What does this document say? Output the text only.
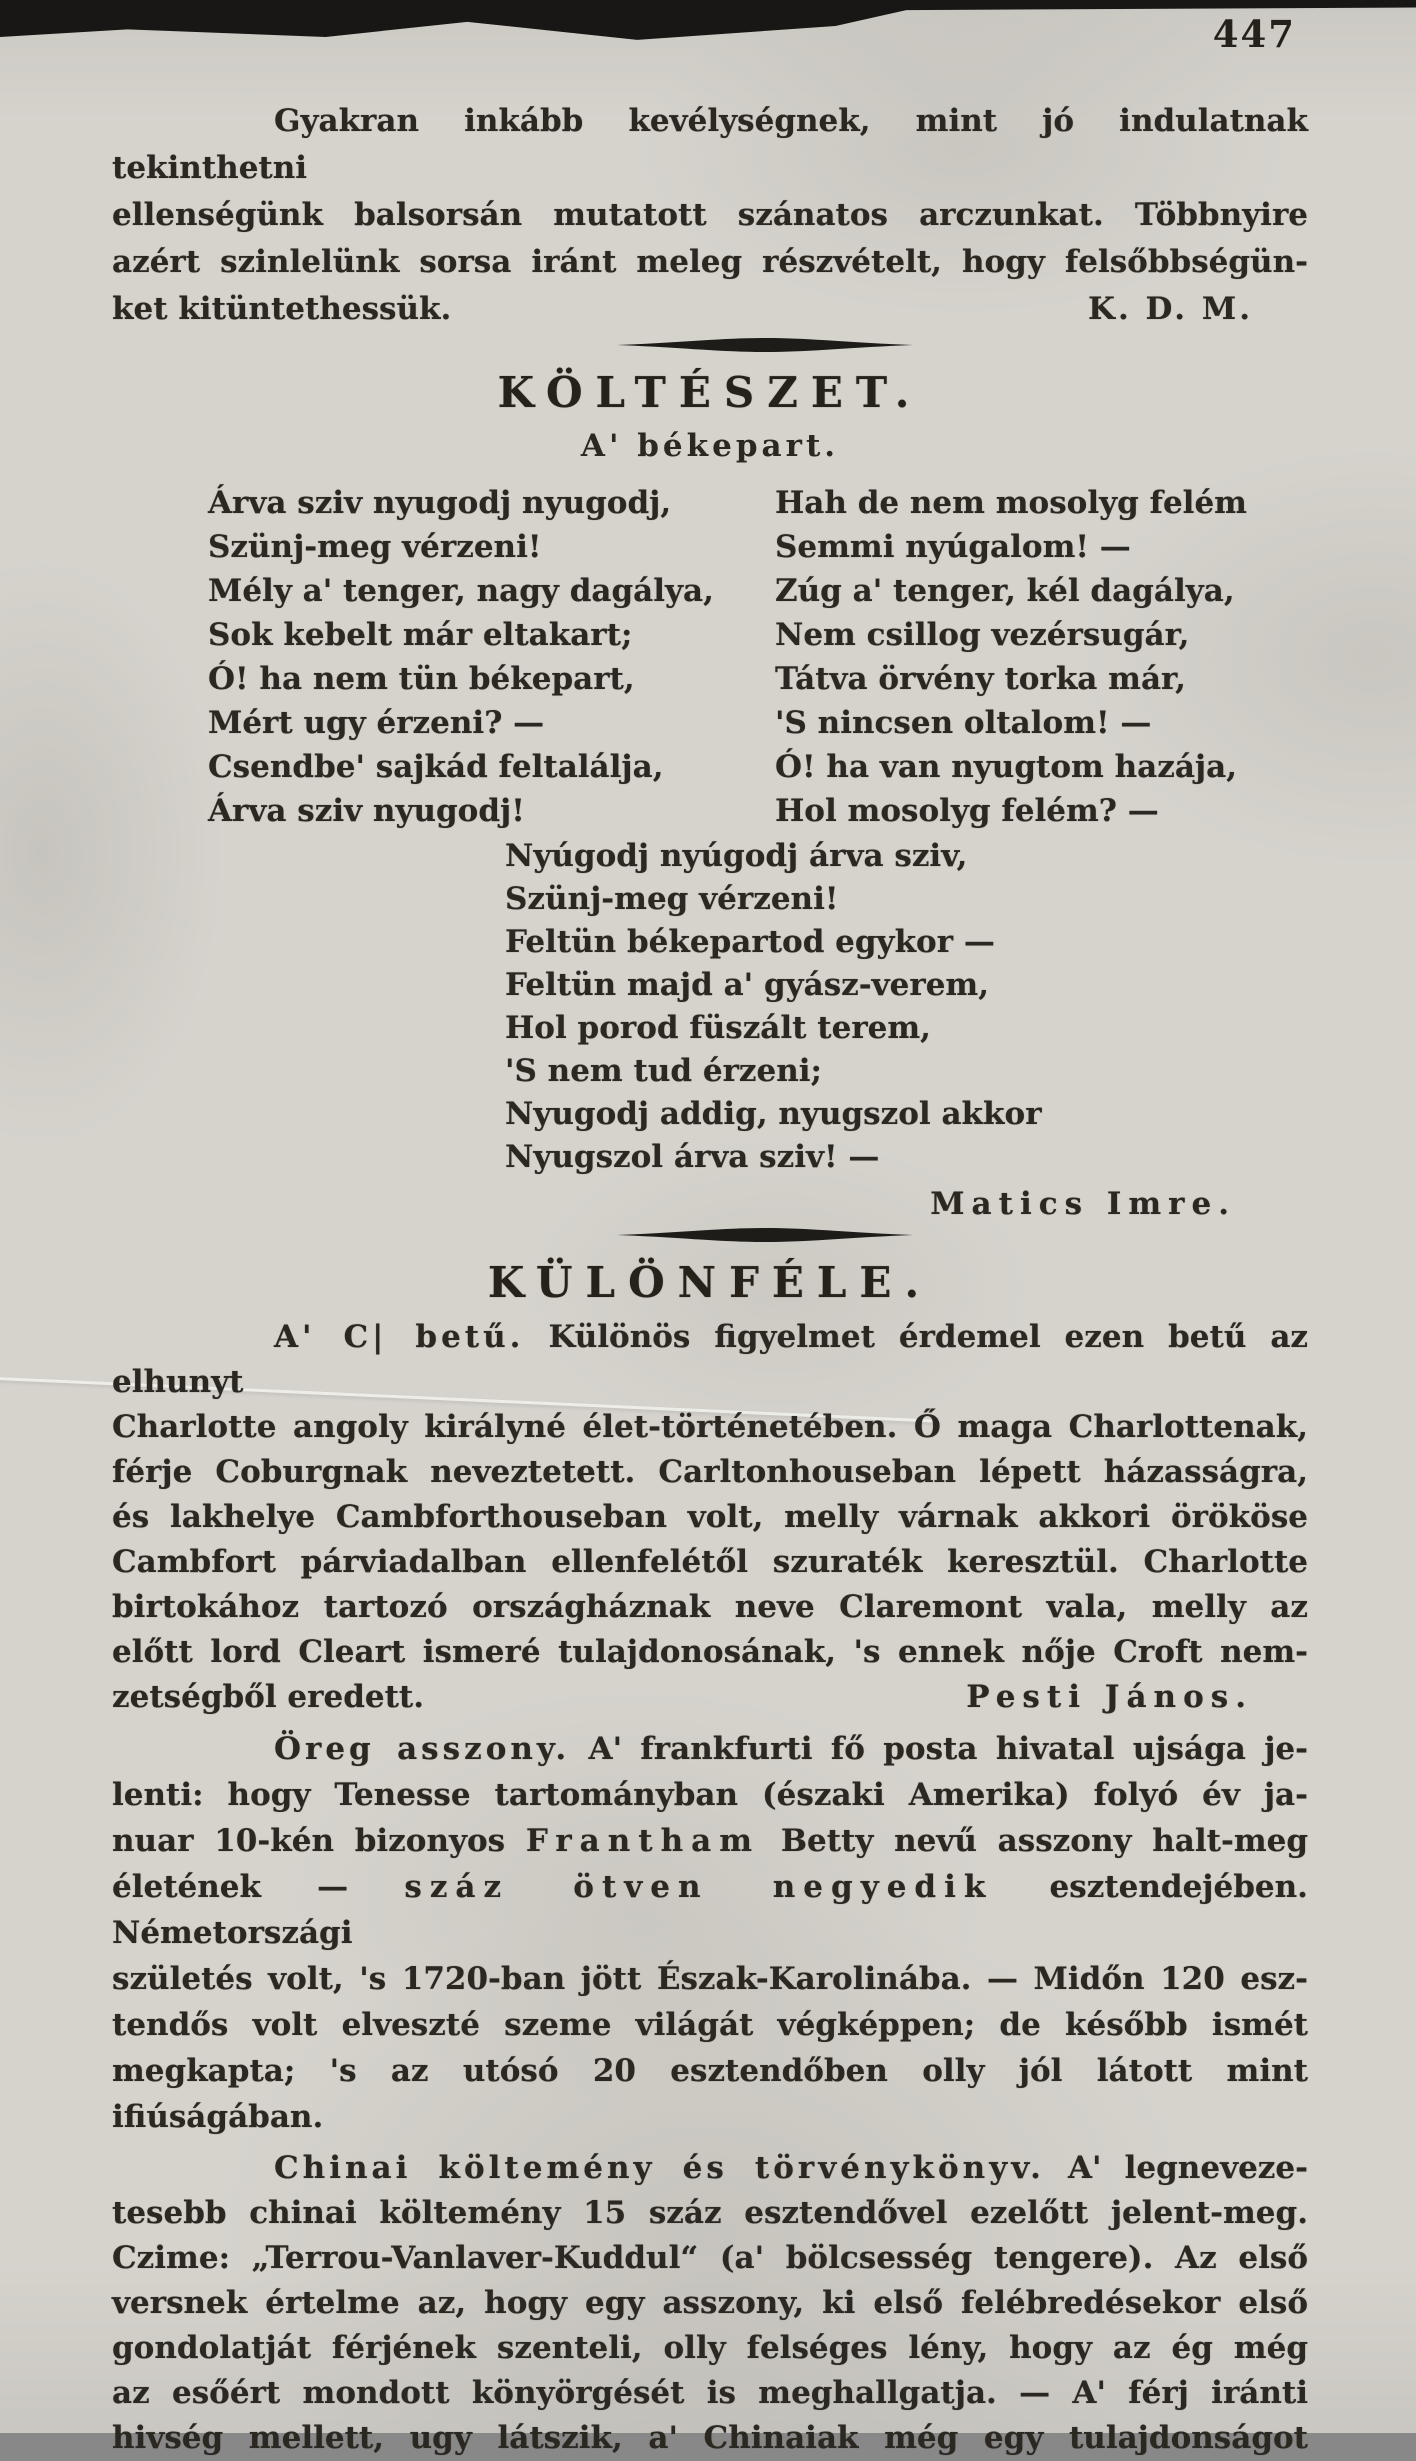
447
Gyakran inkább kevélységnek, mint jó indulatnak tekinthetni
ellenségünk balsorsán mutatott szánatos arczunkat. Többnyire
azért szinlelünk sorsa iránt meleg részvételt, hogy felsőbbségün-
ket kitüntethessük.	K. D. M.
KÖLTÉSZET.
A' békepart.
Árva sziv nyugodj nyugodj,
Szünj-meg vérzeni!
Mély a' tenger, nagy dagálya,
Sok kebelt már eltakart;
Ó! ha nem tün békepart,
Mért ugy érzeni? —
Csendbe' sajkád feltalálja,
Árva sziv nyugodj!
Hah de nem mosolyg felém
Semmi nyúgalom! —
Zúg a' tenger, kél dagálya,
Nem csillog vezérsugár,
Tátva örvény torka már,
'S nincsen oltalom! —
Ó! ha van nyugtom hazája,
Hol mosolyg felém? —
Nyúgodj nyúgodj árva sziv,
Szünj-meg vérzeni!
Feltün békepartod egykor —
Feltün majd a' gyász-verem,
Hol porod füszált terem,
'S nem tud érzeni;
Nyugodj addig, nyugszol akkor
Nyugszol árva sziv! —
Matics Imre.
KÜLÖNFÉLE.
A' C| betű. Különös figyelmet érdemel ezen betű az elhunyt
Charlotte angoly királyné élet-történetében. Ő maga Charlottenak,
férje Coburgnak neveztetett. Carltonhouseban lépett házasságra,
és lakhelye Cambforthouseban volt, melly várnak akkori örököse
Cambfort párviadalban ellenfelétől szuraték keresztül. Charlotte
birtokához tartozó országháznak neve Claremont vala, melly az
előtt lord Cleart ismeré tulajdonosának, 's ennek nője Croft nem-
zetségből eredett.	Pesti János.
Öreg asszony. A' frankfurti fő posta hivatal ujsága je-
lenti: hogy Tenesse tartományban (északi Amerika) folyó év ja-
nuar 10-kén bizonyos Frantham Betty nevű asszony halt-meg
életének — száz ötven negyedik esztendejében. Németországi
születés volt, 's 1720-ban jött Észak-Karolinába. — Midőn 120 esz-
tendős volt elveszté szeme világát végképpen; de később ismét
megkapta; 's az utósó 20 esztendőben olly jól látott mint ifiúságában.
Chinai költemény és törvénykönyv. A' legneveze-
tesebb chinai költemény 15 száz esztendővel ezelőtt jelent-meg.
Czime: „Terrou-Vanlaver-Kuddul“ (a' bölcsesség tengere). Az első
versnek értelme az, hogy egy asszony, ki első felébredésekor első
gondolatját férjének szenteli, olly felséges lény, hogy az ég még
az esőért mondott könyörgését is meghallgatja. — A' férj iránti
hivség mellett, ugy látszik, a' Chinaiak még egy tulajdonságot
